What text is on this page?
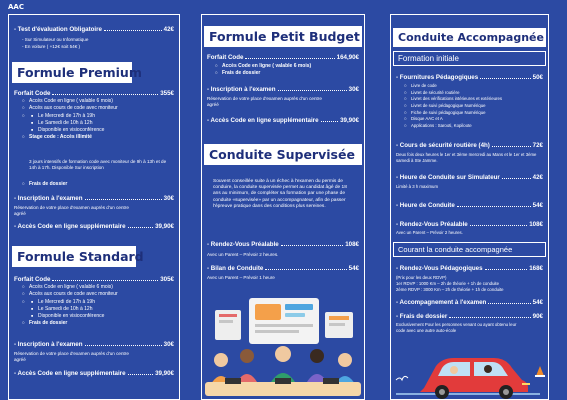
AAC
- Test d'évaluation Obligatoire	42€
- Sur Simulateur ou Informatique
- En voiture ( +12€ soit 54€ )
Formule Premium
Forfait Code	355€
○ Accès Code en ligne ( valable 6 mois)
○ Accès aux cours de code avec moniteur
■ ○ Le Mercredi de 17h à 19h
■ Le Samedi de 10h à 12h
■ Disponible en visioconférence
○ Stage code : Accès illimité
3 jours intensifs de formation code avec moniteur de 9h à 13h et de 14h à 17h. Disponible Sur inscription
○ Frais de dossier
- Inscription à l'examen	30€
Réservation de votre place d'examen auprès d'un centre agréé
- Accès Code en ligne supplémentaire	39,90€
Formule Standard
Forfait Code	305€
○ Accès Code en ligne ( valable 6 mois)
○ Accès aux cours de code avec moniteur
■ ○ Le Mercredi de 17h à 19h
■ Le Samedi de 10h à 12h
■ Disponible en visioconférence
○ Frais de dossier
- Inscription à l'examen	30€
Réservation de votre place d'examen auprès d'un centre agréé
- Accès Code en ligne supplémentaire	39,90€
Formule Petit Budget
Forfait Code	164,90€
○ Accès Code en ligne ( valable 6 mois)
○ Frais de dossier
- Inscription à l'examen	30€
Réservation de votre place d'examen auprès d'un centre agréé
- Accès Code en ligne supplémentaire	39,90€
Conduite Supervisée
Souvent conseillée suite à un échec à l'examen du permis de conduire, la conduite supervisée permet au candidat âgé de 18 ans au minimum, de compléter sa formation par une phase de conduite «supervisée» par un accompagnateur, afin de passer l'épreuve pratique dans des conditions plus sereines.
- Rendez-Vous Préalable	108€
Avec un Parent – Prévoir 2 heures.
- Bilan de Conduite	54€
Avec un Parent – Prévoir 1 heure
Conduite Accompagnée
Formation initiale
- Fournitures Pédagogiques	50€
○ Livre de code
○ Livret de sécurité routière
○ Livret des vérifications intérieures et extérieures
○ Livret de suivi pédagogique Numérique
○ Fiche de suivi pédagogique Numérique
○ Disque AAC et A
○ Applications : Sarooti, Kopiloote
- Cours de sécurité routière (4h)	72€
Deux fois deux heures le 1er et 3ème mercredi au Mans et le 1er et 3ème samedi à Ste Jamme.
- Heure de Conduite sur Simulateur	42€
Limité à 3 h maximum
- Heure de Conduite	54€
- Rendez-Vous Préalable	108€
Avec un Parent – Prévoir 2 heures.
Courant la conduite accompagnée
- Rendez-Vous Pédagogiques	168€
(Prix pour les deux RDVP)
1er RDVP : 1000 Km – 2h de théorie + 1h de conduite
2ème RDVP : 3000 Km – 2h de théorie + 1h de conduite
- Accompagnement à l'examen	54€
- Frais de dossier	90€
Exclusivement Pour les personnes venant ou ayant obtenu leur code avec une autre auto-école
